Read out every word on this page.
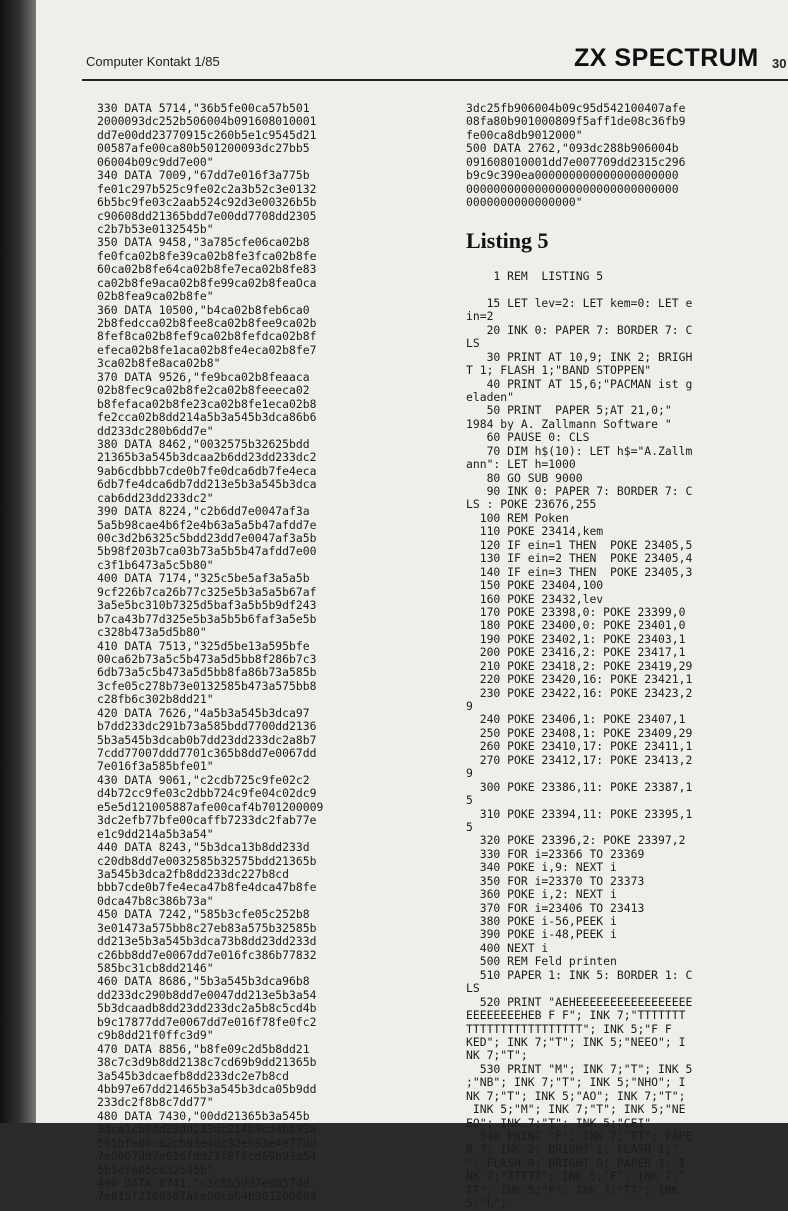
Computer Kontakt 1/85	ZX SPECTRUM 30
330 DATA 5714,"36b5fe00ca57b501
2000093dc252b506004b091608010001
dd7e00dd23770915c260b5e1c9545d21
00587afe00ca80b501200093dc27bb5
06004b09c9dd7e00"
340 DATA 7009,"67dd7e016f3a775b
fe01c297b525c9fe02c2a3b52c3e0132
6b5bc9fe03c2aab524c92d3e00326b5b
c90608dd21365bdd7e00dd7708dd2305
c2b7b53e0132545b"
350 DATA 9458,"3a785cfe06ca02b8
fe0fca02b8fe39ca02b8fe3fca02b8fe
60ca02b8fe64ca02b8fe7eca02b8fe83
ca02b8fe9aca02b8fe99ca02b8feaOca
02b8fea9ca02b8fe"
360 DATA 10500,"b4ca02b8feb6ca0
2b8fedcca02b8fee8ca02b8fee9ca02b
8fef8ca02b8fef9ca02b8fefdca02b8f
efeca02b8fe1aca02b8fe4eca02b8fe7
3ca02b8fe8aca02b8"
370 DATA 9526,"fe9bca02b8feaaca
02b8fec9ca02b8fe2ca02b8feeeca02
b8fefaca02b8fe23ca02b8fe1eca02b8
fe2cca02b8dd214a5b3a545b3dca86b6
dd233dc280b6dd7e"
380 DATA 8462,"0032575b32625bdd
21365b3a545b3dcaa2b6dd23dd233dc2
9ab6cdbbb7cde0b7fe0dca6db7fe4eca
6db7fe4dca6db7dd213e5b3a545b3dca
cab6dd23dd233dc2"
390 DATA 8224,"c2b6dd7e0047af3a
5a5b98cae4b6f2e4b63a5a5b47afdd7e
00c3d2b6325c5bdd23dd7e0047af3a5b
5b98f203b7ca03b73a5b5b47afdd7e00
c3f1b6473a5c5b80"
400 DATA 7174,"325c5be5af3a5a5b
9cf226b7ca26b77c325e5b3a5a5b67af
3a5e5bc310b7325d5baf3a5b5b9df243
b7ca43b77d325e5b3a5b5b6faf3a5e5b
c328b473a5d5b80"
410 DATA 7513,"325d5be13a595bfe
00ca62b73a5c5b473a5d5bb8f286b7c3
6db73a5c5b473a5d5bb8fa86b73a585b
3cfe05c278b73e0132585b473a575bb8
c28fb6c302b8dd21"
420 DATA 7626,"4a5b3a545b3dca97
b7dd233dc291b73a585bdd7700dd2136
5b3a545b3dcab0b7dd23dd233dc2a8b7
7cdd77007ddd7701c365b8dd7e0067dd
7e016f3a585bfe01"
430 DATA 9061,"c2cdb725c9fe02c2
d4b72cc9fe03c2dbb724c9fe04c02dc9
e5e5d121005887afe00caf4b701200009
3dc2efb77bfe00caffb7233dc2fab77e
e1c9dd214a5b3a54"
440 DATA 8243,"5b3dca13b8dd233d
c20db8dd7e0032585b32575bdd21365b
3a545b3dca2fb8dd233dc227b8cd
bbb7cde0b7fe4eca47b8fe4dca47b8fe
0dca47b8c386b73a"
450 DATA 7242,"585b3cfe05c252b8
3e01473a575bb8c27eb83a575b32585b
dd213e5b3a545b3dca73b8dd23dd233d
c26bb8dd7e0067dd7e016fc386b77832
585bc31cb8dd2146"
460 DATA 8686,"5b3a545b3dca96b8
dd233dc290b8dd7e0047dd213e5b3a54
5b3dcaadb8dd23dd233dc2a5b8c5cd4b
b9c17877dd7e0067dd7e016f78fe0fc2
c9b8dd21f0ffc3d9"
470 DATA 8856,"b8fe09c2d5b8dd21
38c7c3d9b8dd2138c7cd69b9dd21365b
3a545b3dcaefb8dd233dc2e7b8cd
4bb97e67dd21465b3a545b3dca05b9dd
233dc2f8b8c7dd77"
480 DATA 7430,"00dd21365b3a545b
3dca1cb9dd23dd233dc214b9cd4bb93a
595bfe00ca2cb93e4dc32eb93e4e77dd
7e0067dd7e016fdd21f8ffcd69b93a54
5b3cfe05c832545b"
490 DATA 6741,"c3c8b5dd7e0057dd
7e015f2100587afe00ca64b901200009
3dc25fb906004b09c95d542100407afe
08fa80b901000809f5aff1de08c36fb9
fe00ca8db9012000"
500 DATA 2762,"093dc288b906004b
091608010001dd7e007709dd2315c296
b9c9c390ea000000000000000000000
0000000000000000000000000000000
0000000000000000"
Listing 5
1 REM  LISTING 5

15 LET lev=2: LET kem=0: LET e
in=2
20 INK 0: PAPER 7: BORDER 7: C
LS
30 PRINT AT 10,9; INK 2; BRIGH
T 1; FLASH 1;"BAND STOPPEN"
40 PRINT AT 15,6;"PACMAN ist g
eladen"
50 PRINT  PAPER 5;AT 21,0;"
1984 by A. Zallmann Software "
60 PAUSE 0: CLS
70 DIM h$(10): LET h$="A.Zallm
ann": LET h=1000
80 GO SUB 9000
90 INK 0: PAPER 7: BORDER 7: C
LS : POKE 23676,255
100 REM Poken
110 POKE 23414,kem
120 IF ein=1 THEN  POKE 23405,5
130 IF ein=2 THEN  POKE 23405,4
140 IF ein=3 THEN  POKE 23405,3
150 POKE 23404,100
160 POKE 23432,lev
170 POKE 23398,0: POKE 23399,0
180 POKE 23400,0: POKE 23401,0
190 POKE 23402,1: POKE 23403,1
200 POKE 23416,2: POKE 23417,1
210 POKE 23418,2: POKE 23419,29
220 POKE 23420,16: POKE 23421,1
230 POKE 23422,16: POKE 23423,2
9
240 POKE 23406,1: POKE 23407,1
250 POKE 23408,1: POKE 23409,29
260 POKE 23410,17: POKE 23411,1
270 POKE 23412,17: POKE 23413,2
9
300 POKE 23386,11: POKE 23387,1
5
310 POKE 23394,11: POKE 23395,1
5
320 POKE 23396,2: POKE 23397,2
330 FOR i=23366 TO 23369
340 POKE i,9: NEXT i
350 FOR i=23370 TO 23373
360 POKE i,2: NEXT i
370 FOR i=23406 TO 23413
380 POKE i-56,PEEK i
390 POKE i-48,PEEK i
400 NEXT i
500 REM Feld printen
510 PAPER 1: INK 5: BORDER 1: C
LS
520 PRINT "AEHEEEEEEEEEEEEEEEEE
EEEEEEEEHEB F F"; INK 7;"TTTTTTT
TTTTTTTTTTTTTTTTT"; INK 5;"F F
KED"; INK 7;"T"; INK 5;"NEEO"; I
NK 7;"T";
530 PRINT "M"; INK 7;"T"; INK 5
;"NB"; INK 7;"T"; INK 5;"NHO"; I
NK 7;"T"; INK 5;"AO"; INK 7;"T";
INK 5;"M"; INK 7;"T"; INK 5;"NE
EO"; INK 7;"T"; INK 5;"CEI"
540 PRINT "F"; INK 7;"TT"; PAPE
R 7; INK 2; BRIGHT 1; FLASH 1;"
"; FLASH 0; BRIGHT 0; PAPER 1; I
NK 7;"TTTTT"; INK 5;"F"; INK 7;"
TT"; INK 5;"F"; INK 7;"TT"; INK
5;"L";
